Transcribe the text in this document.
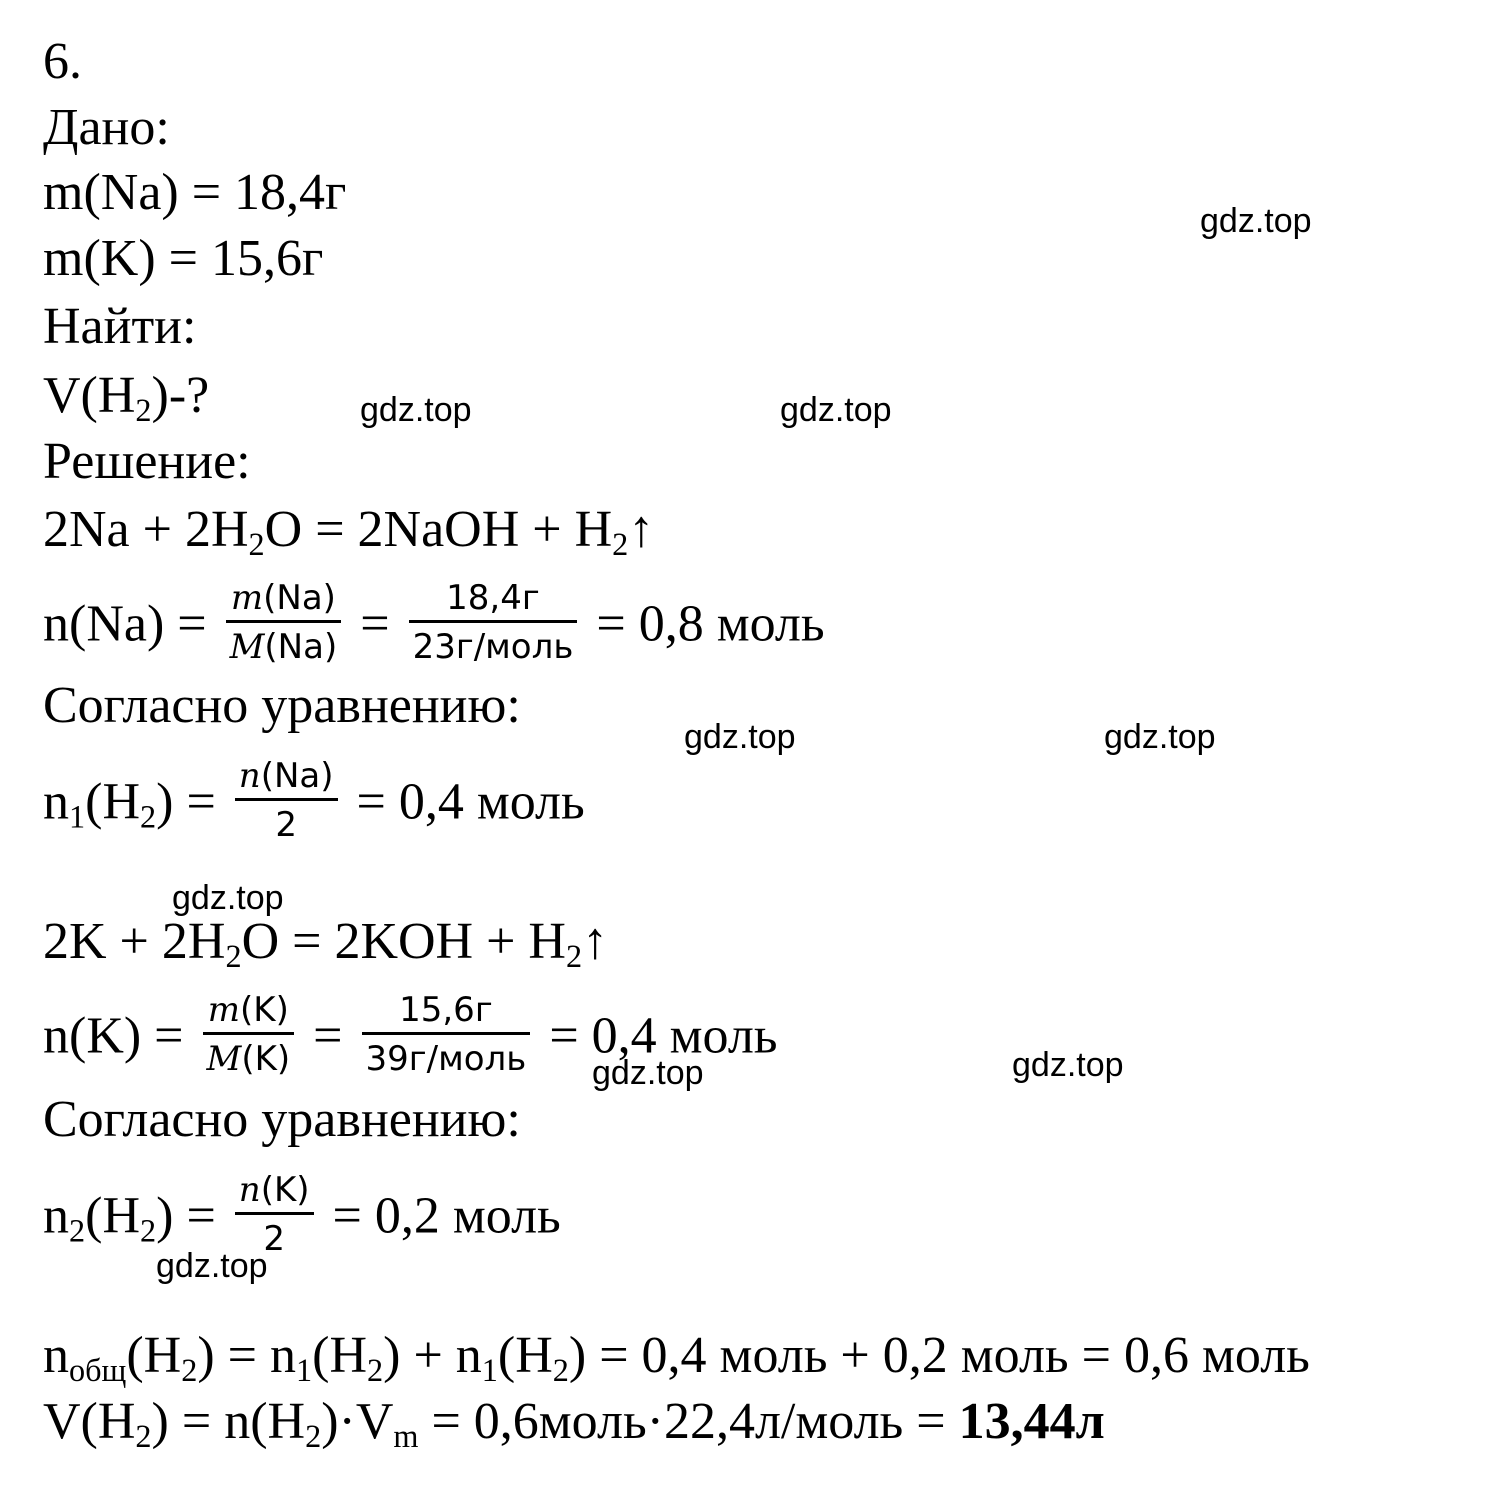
6.
Дано:
m(Na) = 18,4г
m(K) = 15,6г
Найти:
$V(H_2)-$?
Решение:
$2Na + 2H_2O$ = 2NaOH + $H_2↑$
$n(Na) = \frac{m(Na)}{M(Na)} = \frac{18,4г}{\text{23г/моль}} = 0,8$ моль
Согласно уравнению:
$n_1(H_2) = \frac{n(Na)}{2} = 0,4$ моль
$2K + 2H_2O = 2KOH$ + $H_2↑$
$n(K) = \frac{m(K)}{M(K)} = \frac{15,6г}{\text{39г/моль}} = 0,4$ моль
Согласно уравнению:
$n_2(H_2) = \frac{n(K)}{2} = 0,2$ моль
$n_{общ}(H_2) = n_1(H_2) + n_1(H_2) = 0,4$ моль + 0,2 моль = 0,6 моль
$V(H_2) = n(H_2)\cdot V_m$ = 0,6моль·22,4л/моль = 13,44л
gdz.top
gdz.top	gdz.top
gdz.top	gdz.top
gdz.top
gdz.top	gdz.top
gdz.top
